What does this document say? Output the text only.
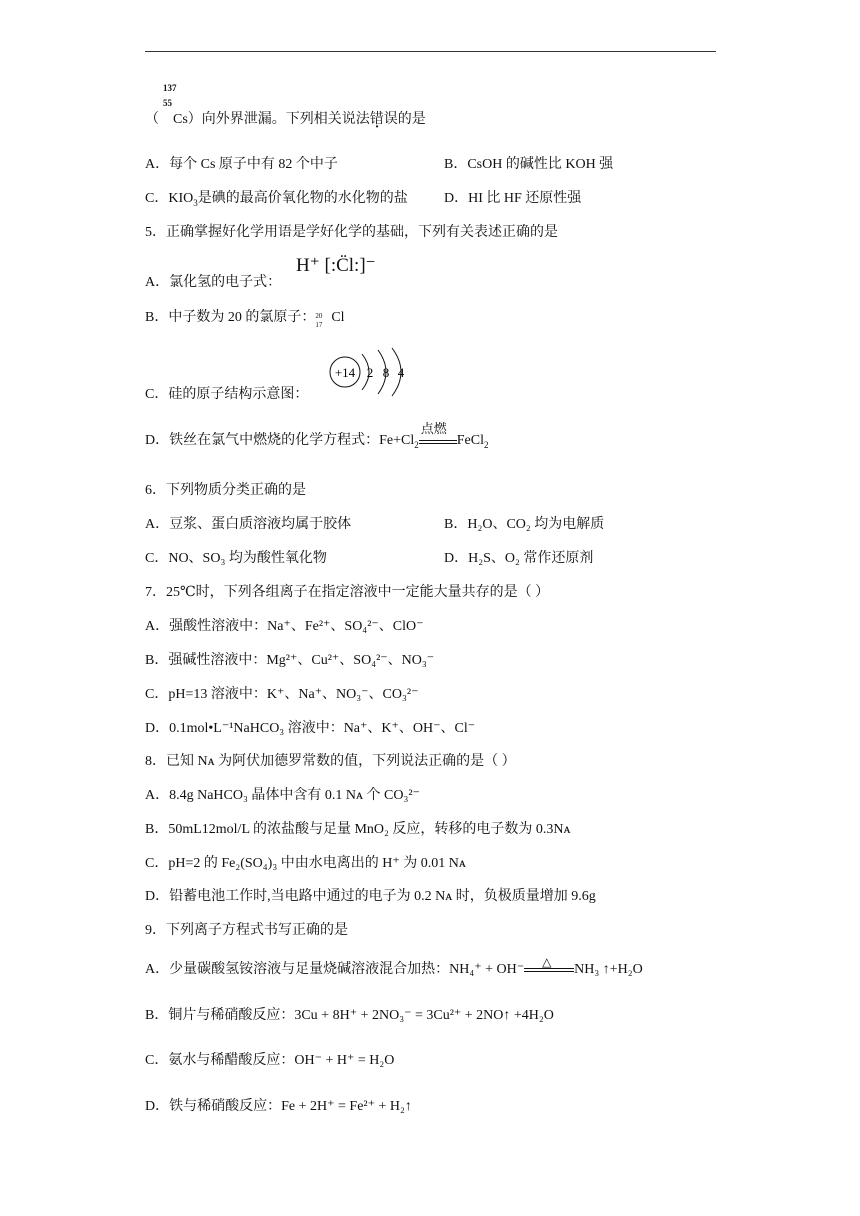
137
55
（ Cs）向外界泄漏。下列相关说法错误的是
A．每个 Cs 原子中有 82 个中子	B．CsOH 的碱性比 KOH 强
C．$KIO_3$是碘的最高价氧化物的水化物的盐	D．HI 比 HF 还原性强
5．正确掌握好化学用语是学好化学的基础，下列有关表述正确的是
A．氯化氢的电子式：
H⁺ [:C̈l:]⁻
B．中子数为 20 的氯原子： 20
17 Cl
C．硅的原子结构示意图：
+14 2 8 4
D．铁丝在氯气中燃烧的化学方程式：$Fe+Cl_2$
点燃
FeCl$_2$
6．下列物质分类正确的是
A．豆浆、蛋白质溶液均属于胶体	B．H₂O、CO₂ 均为电解质
C．NO、SO₃ 均为酸性氧化物	D．H₂S、O₂ 常作还原剂
7．25℃时，下列各组离子在指定溶液中一定能大量共存的是（ ）
A．强酸性溶液中：Na⁺、Fe²⁺、SO₄²⁻、ClO⁻
B．强碱性溶液中：Mg²⁺、Cu²⁺、SO₄²⁻、NO₃⁻
C．pH=13 溶液中：K⁺、Na⁺、NO₃⁻、CO₃²⁻
D．0.1mol•L⁻¹NaHCO₃ 溶液中：Na⁺、K⁺、OH⁻、Cl⁻
8．已知 Nᴀ 为阿伏加德罗常数的值，下列说法正确的是（ ）
A．8.4g NaHCO₃ 晶体中含有 0.1 Nᴀ 个 CO₃²⁻
B．50mL12mol/L 的浓盐酸与足量 MnO₂ 反应，转移的电子数为 0.3Nᴀ
C．pH=2 的 Fe₂(SO₄)₃ 中由水电离出的 H⁺ 为 0.01 Nᴀ
D．铅蓄电池工作时,当电路中通过的电子为 0.2 Nᴀ 时，负极质量增加 9.6g
9．下列离子方程式书写正确的是
A．少量碳酸氢铵溶液与足量烧碱溶液混合加热：NH₄⁺ + OH⁻
△
NH₃ ↑+H₂O
B．铜片与稀硝酸反应：3Cu + 8H⁺ + 2NO₃⁻ = 3Cu²⁺ + 2NO↑ +4H₂O
C．氨水与稀醋酸反应：OH⁻ + H⁺ = H₂O
D．铁与稀硝酸反应：Fe + 2H⁺ = Fe²⁺ + H₂↑
